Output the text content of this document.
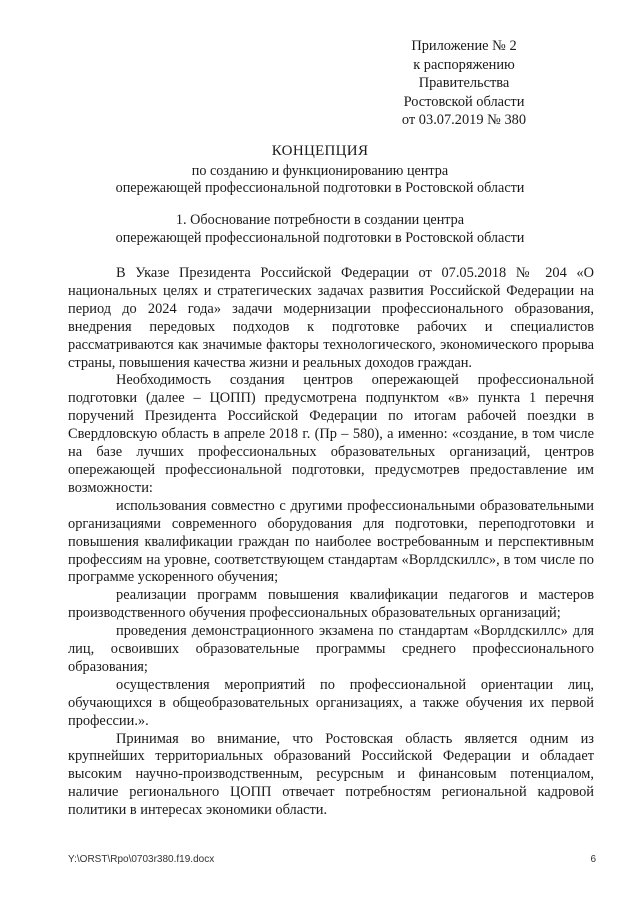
Приложение № 2
к распоряжению
Правительства
Ростовской области
от 03.07.2019 № 380
КОНЦЕПЦИЯ
по созданию и функционированию центра
опережающей профессиональной подготовки в Ростовской области
1. Обоснование потребности в создании центра
опережающей профессиональной подготовки в Ростовской области

В Указе Президента Российской Федерации от 07.05.2018 № 204 «О национальных целях и стратегических задачах развития Российской Федерации на период до 2024 года» задачи модернизации профессионального образования, внедрения передовых подходов к подготовке рабочих и специалистов рассматриваются как значимые факторы технологического, экономического прорыва страны, повышения качества жизни и реальных доходов граждан.

Необходимость создания центров опережающей профессиональной подготовки (далее – ЦОПП) предусмотрена подпунктом «в» пункта 1 перечня поручений Президента Российской Федерации по итогам рабочей поездки в Свердловскую область в апреле 2018 г. (Пр – 580), а именно: «создание, в том числе на базе лучших профессиональных образовательных организаций, центров опережающей профессиональной подготовки, предусмотрев предоставление им возможности:

использования совместно с другими профессиональными образовательными организациями современного оборудования для подготовки, переподготовки и повышения квалификации граждан по наиболее востребованным и перспективным профессиям на уровне, соответствующем стандартам «Ворлдскиллс», в том числе по программе ускоренного обучения;

реализации программ повышения квалификации педагогов и мастеров производственного обучения профессиональных образовательных организаций;

проведения демонстрационного экзамена по стандартам «Ворлдскиллс» для лиц, освоивших образовательные программы среднего профессионального образования;

осуществления мероприятий по профессиональной ориентации лиц, обучающихся в общеобразовательных организациях, а также обучения их первой профессии.».

Принимая во внимание, что Ростовская область является одним из крупнейших территориальных образований Российской Федерации и обладает высоким научно-производственным, ресурсным и финансовым потенциалом, наличие регионального ЦОПП отвечает потребностям региональной кадровой политики в интересах экономики области.

Y:\ORST\Rpo\0703r380.f19.docx	6
